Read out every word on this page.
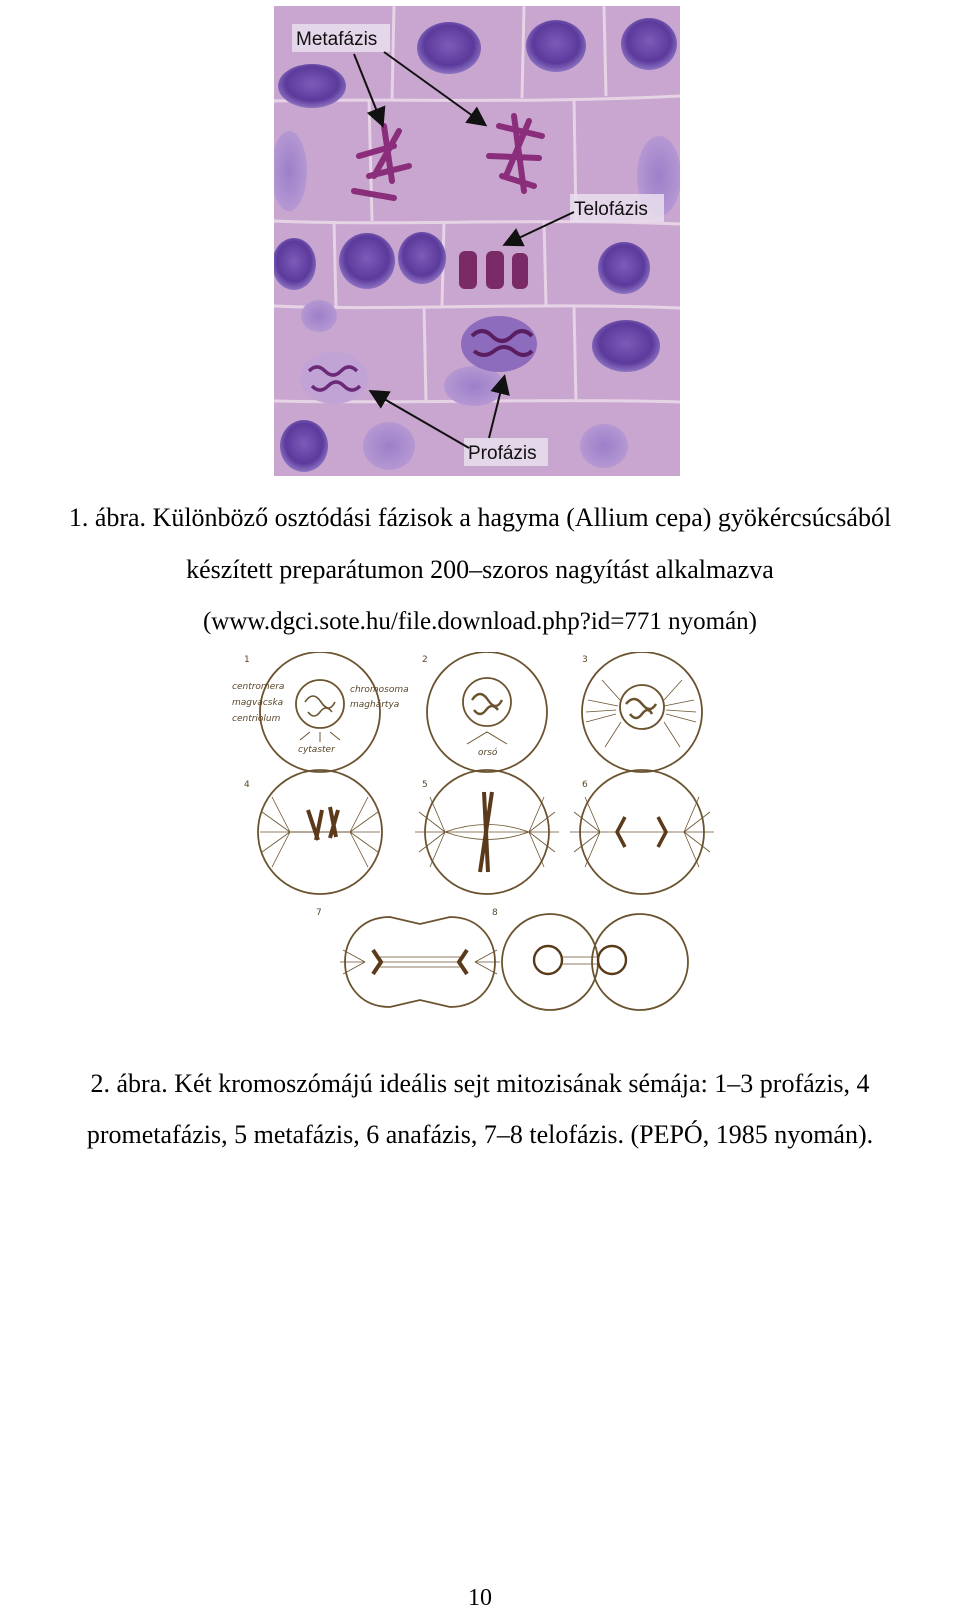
Metafázis
Telofázis
Profázis
1. ábra. Különböző osztódási fázisok a hagyma (Allium cepa) gyökércsúcsából
készített preparátumon 200–szoros nagyítást alkalmazva
(www.dgci.sote.hu/file.download.php?id=771 nyomán)
1	2	3
4	5	6
7	8
centromera
magvacska
centriolum
chromosoma
maghártya
cytaster	orsó
2. ábra. Két kromoszómájú ideális sejt mitozisának sémája: 1–3 profázis, 4
prometafázis, 5 metafázis, 6 anafázis, 7–8 telofázis. (PEPÓ, 1985 nyomán).
10
